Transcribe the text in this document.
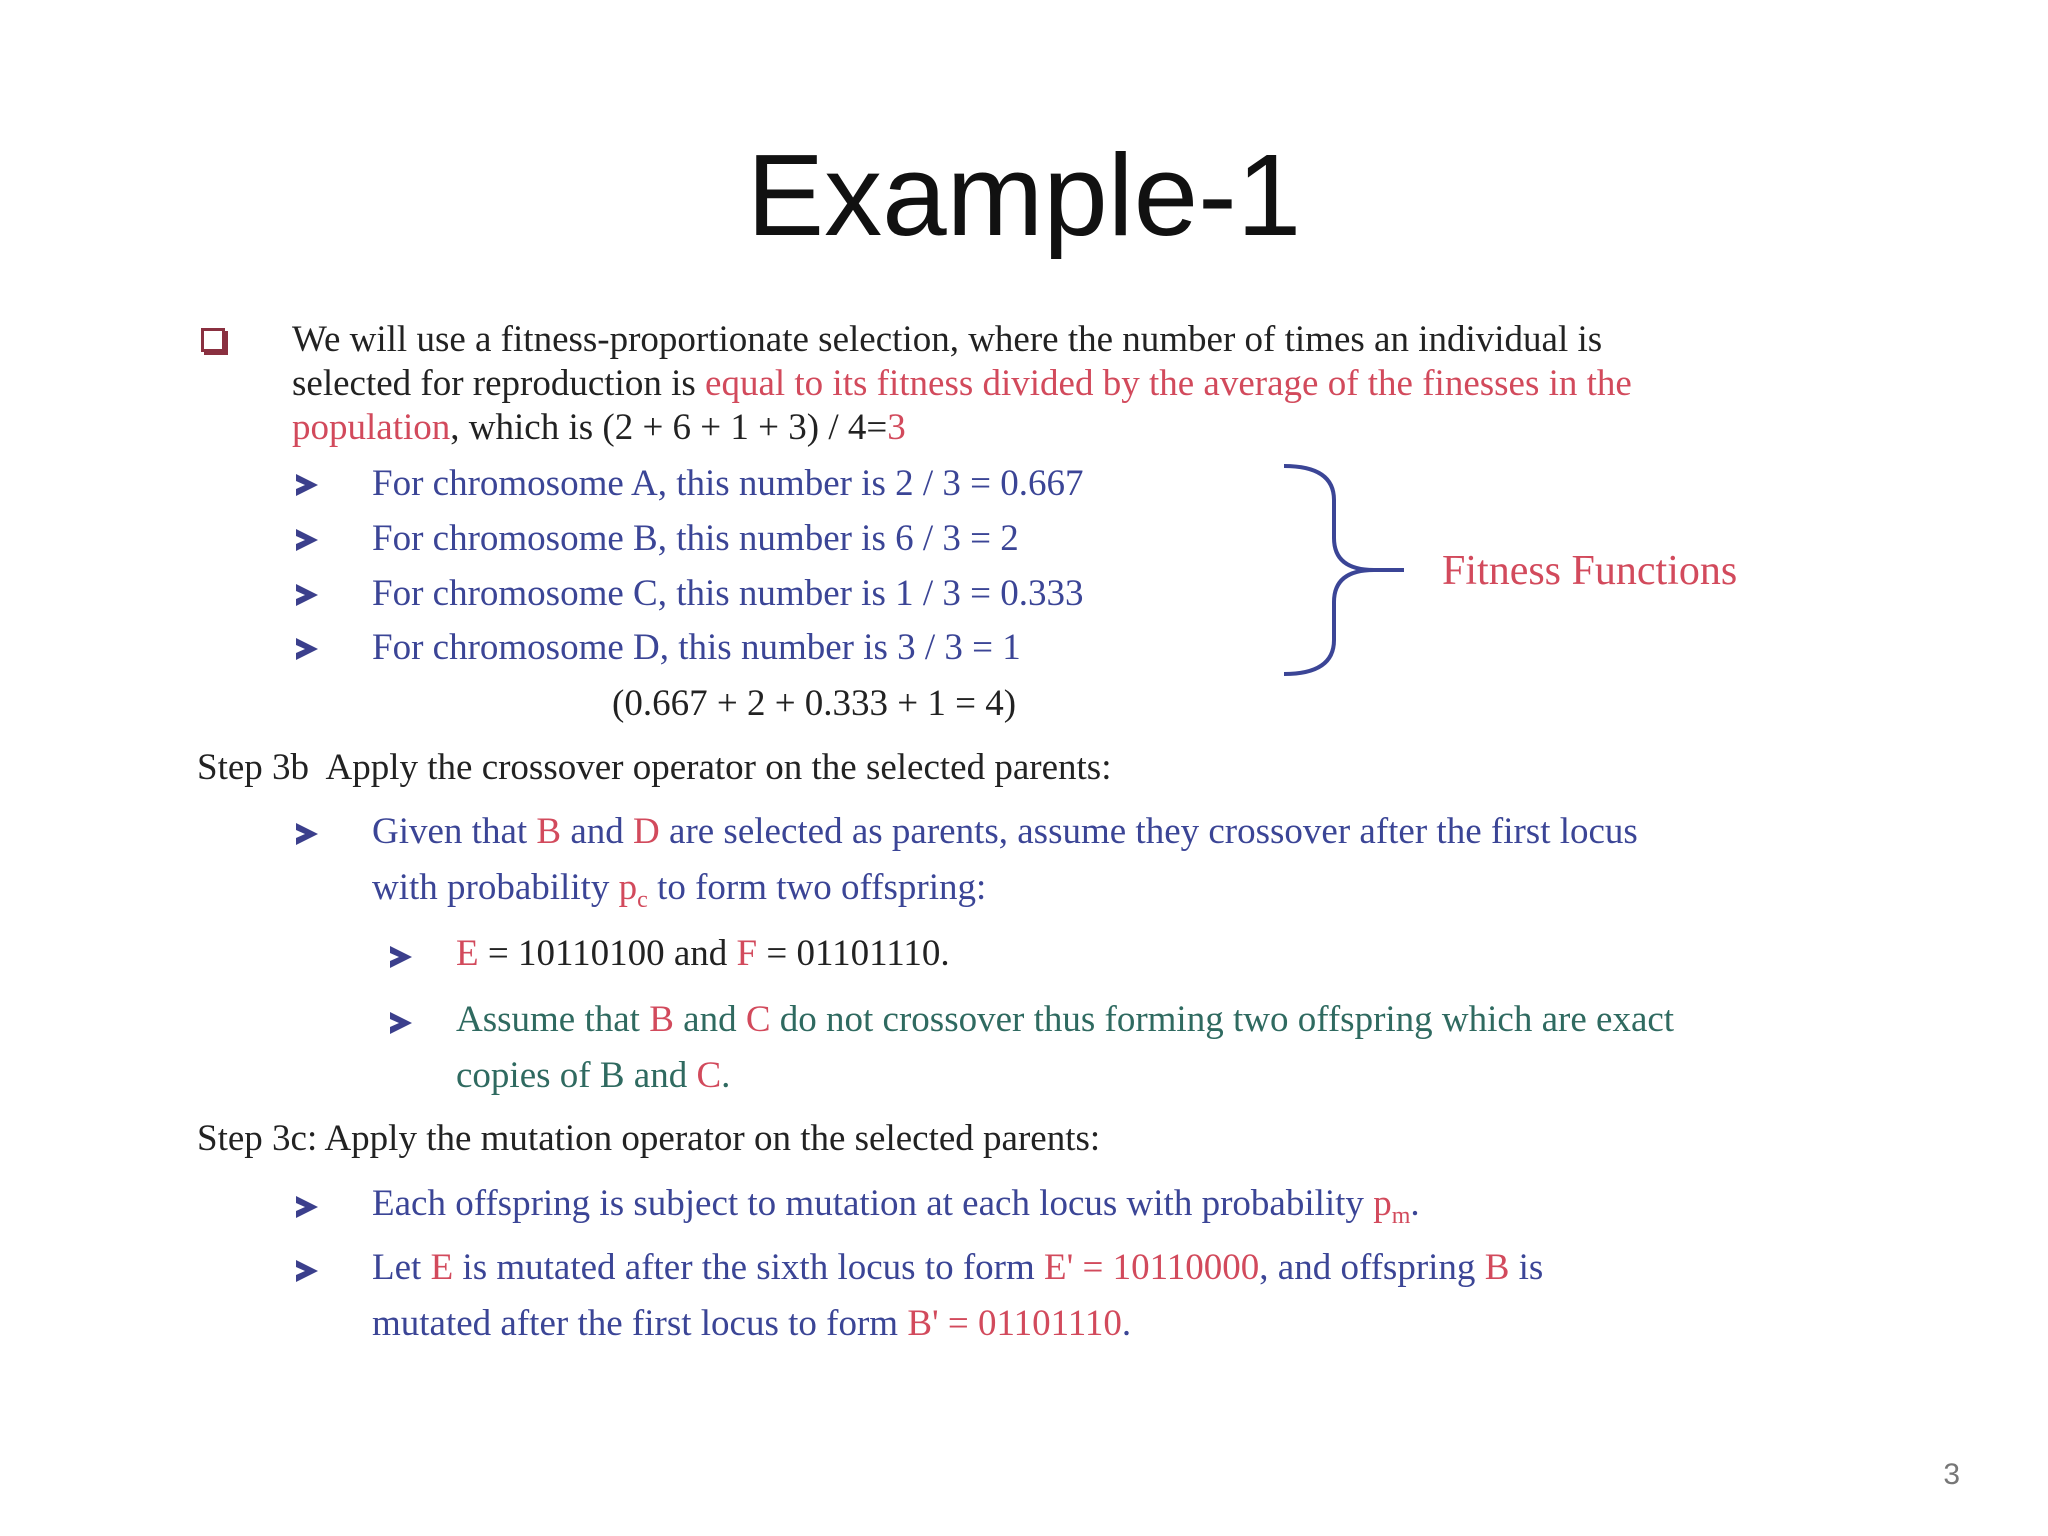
Example-1
We will use a fitness-proportionate selection, where the number of times an individual is
selected for reproduction is equal to its fitness divided by the average of the finesses in the
population, which is (2 + 6 + 1 + 3) / 4=3
For chromosome A, this number is 2 / 3 = 0.667
For chromosome B, this number is 6 / 3 = 2
For chromosome C, this number is 1 / 3 = 0.333
For chromosome D, this number is 3 / 3 = 1
(0.667 + 2 + 0.333 + 1 = 4)
Fitness Functions
Step 3b  Apply the crossover operator on the selected parents:
Given that B and D are selected as parents, assume they crossover after the first locus
with probability $p_c$ to form two offspring:
E = 10110100 and F = 01101110.
Assume that B and C do not crossover thus forming two offspring which are exact
copies of B and C.
Step 3c: Apply the mutation operator on the selected parents:
Each offspring is subject to mutation at each locus with probability $p_m$.
Let E is mutated after the sixth locus to form E' = 10110000, and offspring B is
mutated after the first locus to form B' = 01101110.
3
